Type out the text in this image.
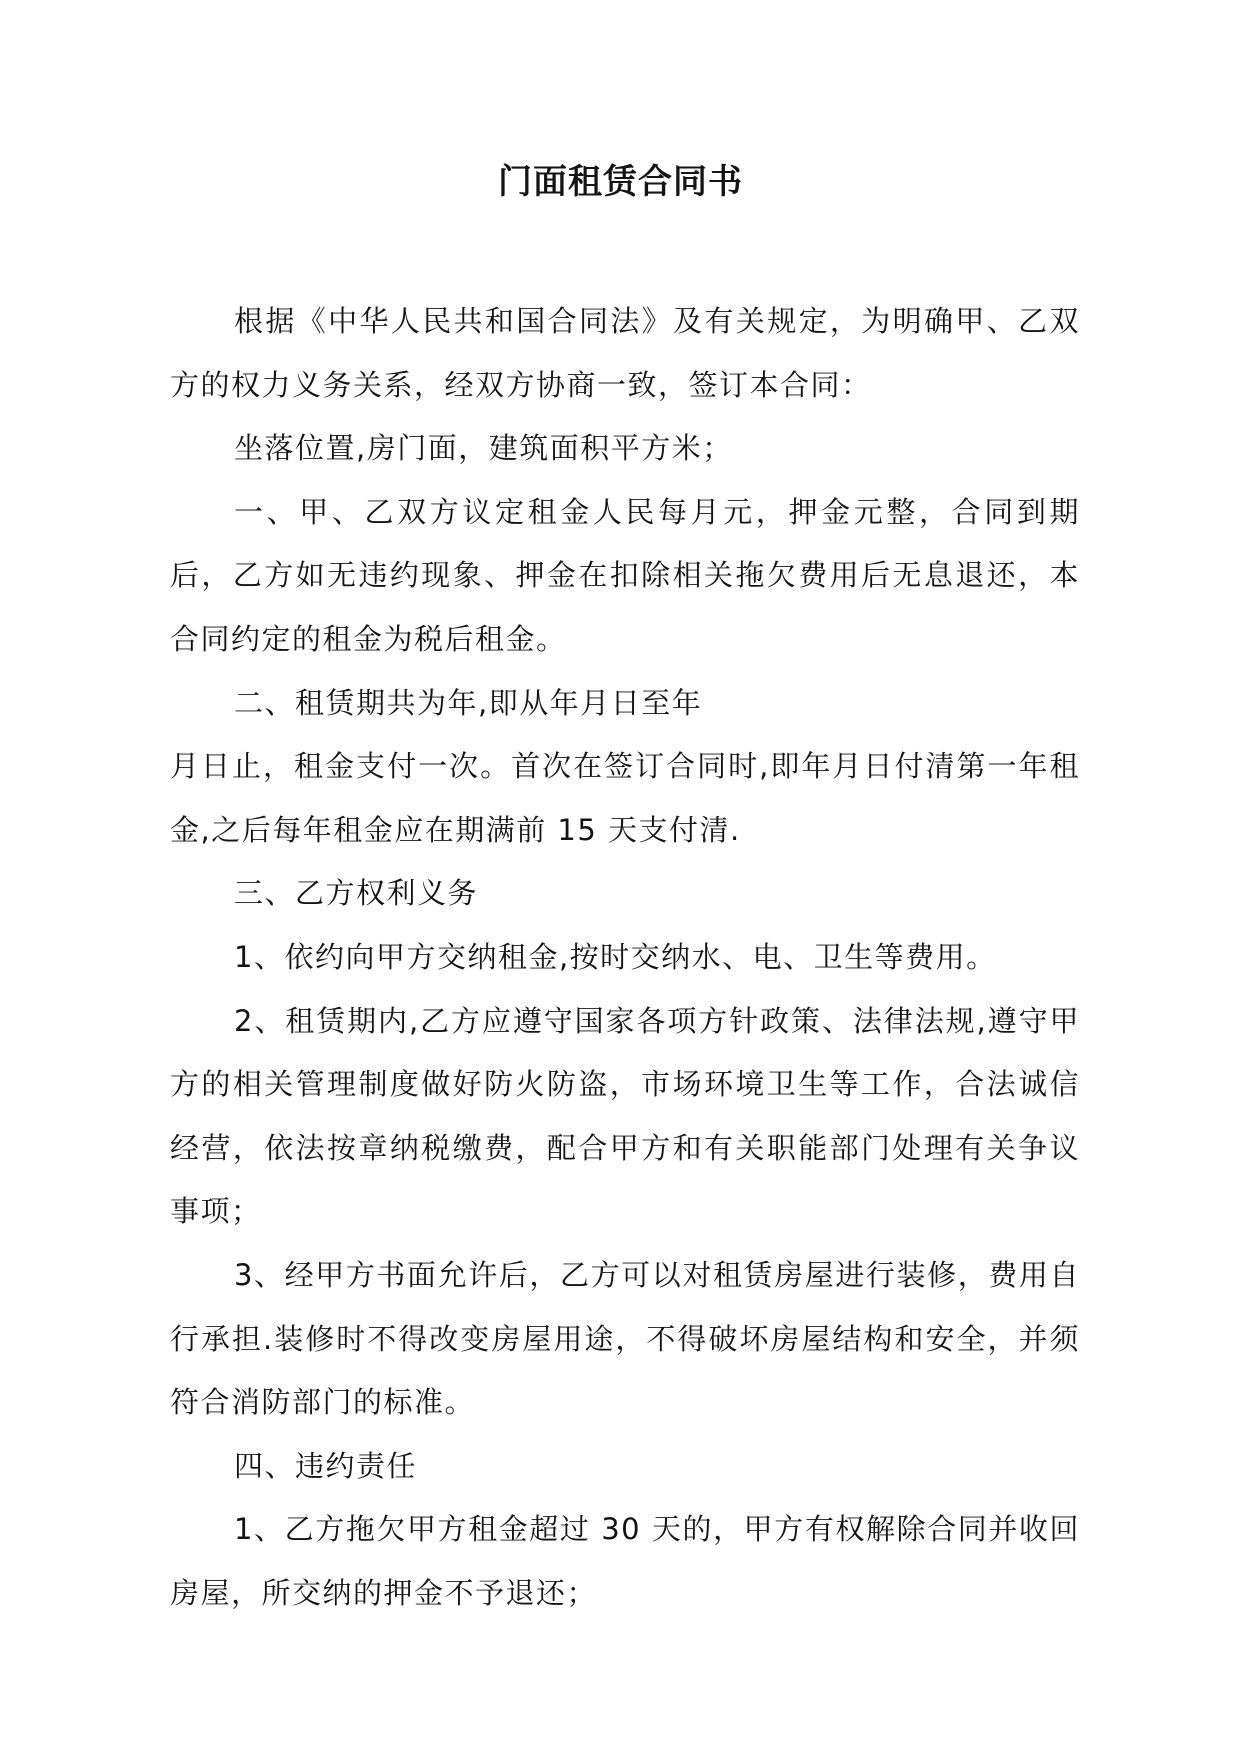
门面租赁合同书

根据《中华人民共和国合同法》及有关规定，为明确甲、乙双方的权力义务关系，经双方协商一致，签订本合同：

坐落位置,房门面，建筑面积平方米；

一、甲、乙双方议定租金人民每月元，押金元整，合同到期后，乙方如无违约现象、押金在扣除相关拖欠费用后无息退还，本合同约定的租金为税后租金。

二、租赁期共为年,即从年月日至年

月日止，租金支付一次。首次在签订合同时,即年月日付清第一年租金,之后每年租金应在期满前 15 天支付清.

三、乙方权利义务

1、依约向甲方交纳租金,按时交纳水、电、卫生等费用。

2、租赁期内,乙方应遵守国家各项方针政策、法律法规,遵守甲方的相关管理制度做好防火防盗，市场环境卫生等工作，合法诚信经营，依法按章纳税缴费，配合甲方和有关职能部门处理有关争议事项；

3、经甲方书面允许后，乙方可以对租赁房屋进行装修，费用自行承担.装修时不得改变房屋用途，不得破坏房屋结构和安全，并须符合消防部门的标准。

四、违约责任

1、乙方拖欠甲方租金超过 30 天的，甲方有权解除合同并收回房屋，所交纳的押金不予退还；
